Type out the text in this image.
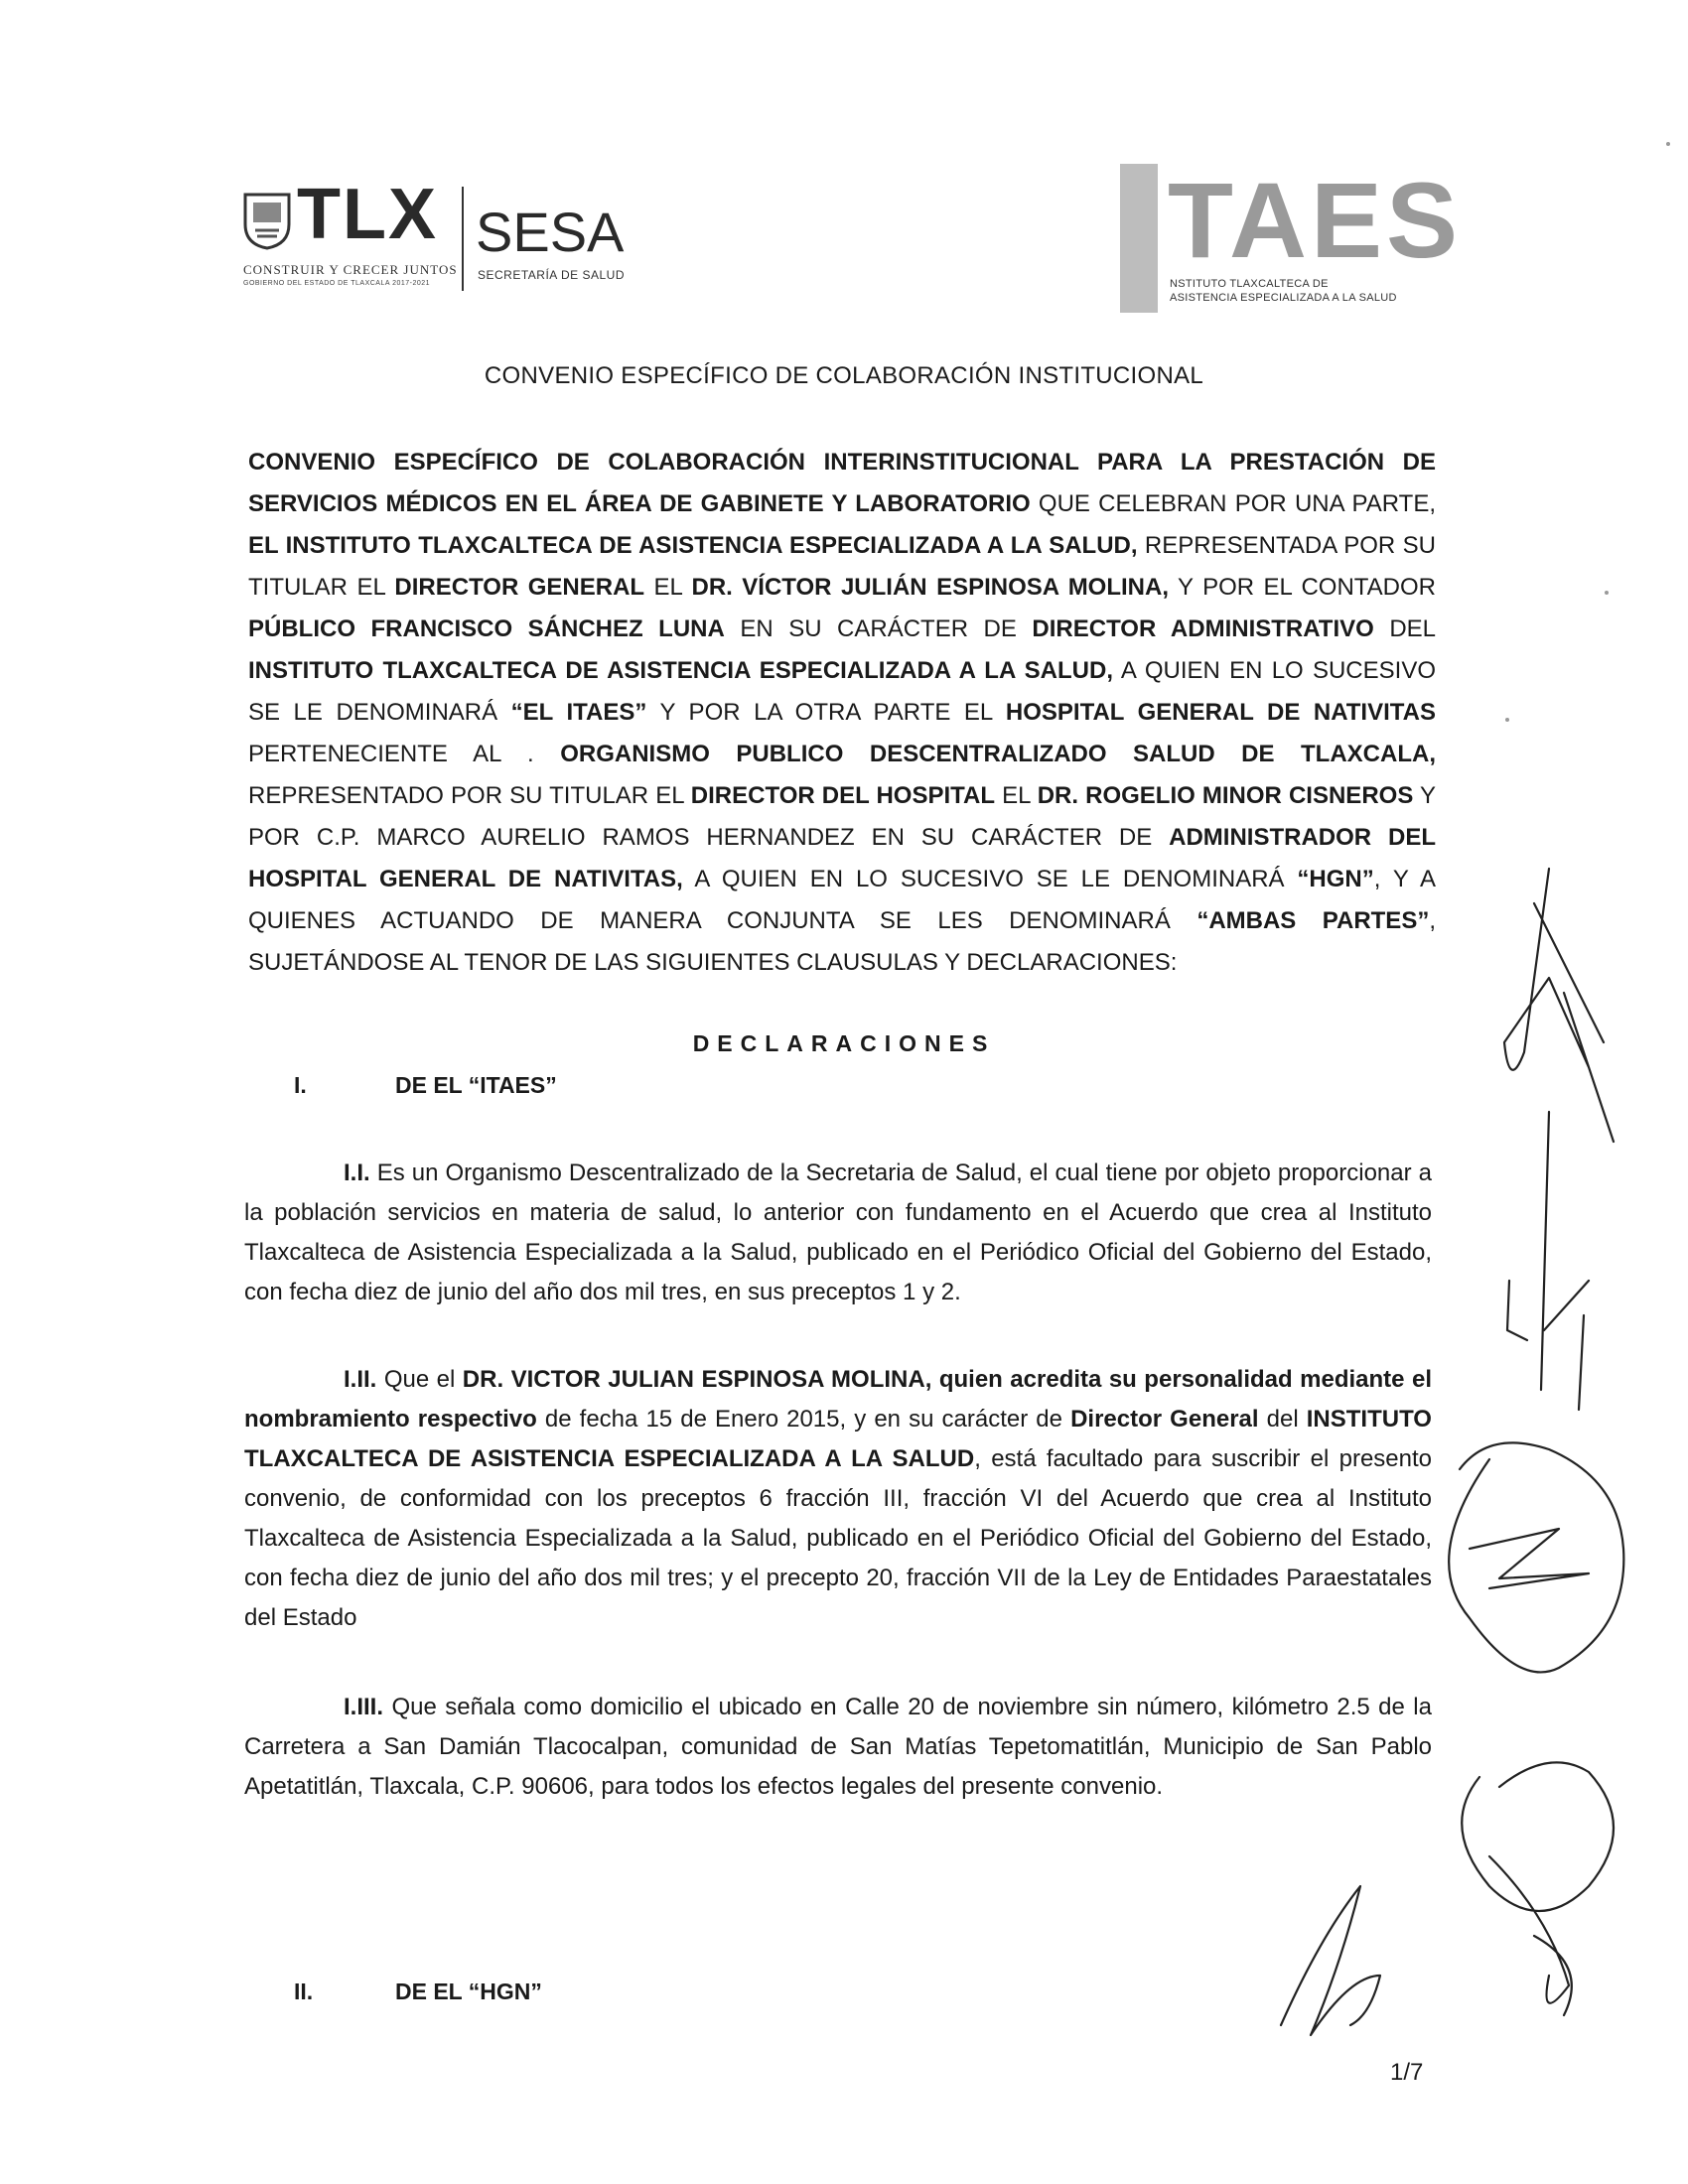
TLX
CONSTRUIR Y CRECER JUNTOS
GOBIERNO DEL ESTADO DE TLAXCALA 2017-2021
SESA
SECRETARÍA DE SALUD	TAES
NSTITUTO TLAXCALTECA DE
ASISTENCIA ESPECIALIZADA A LA SALUD
CONVENIO ESPECÍFICO DE COLABORACIÓN INSTITUCIONAL
CONVENIO ESPECÍFICO DE COLABORACIÓN INTERINSTITUCIONAL PARA LA PRESTACIÓN DE SERVICIOS MÉDICOS EN EL ÁREA DE GABINETE Y LABORATORIO QUE CELEBRAN POR UNA PARTE, EL INSTITUTO TLAXCALTECA DE ASISTENCIA ESPECIALIZADA A LA SALUD, REPRESENTADA POR SU TITULAR EL DIRECTOR GENERAL EL DR. VÍCTOR JULIÁN ESPINOSA MOLINA, Y POR EL CONTADOR PÚBLICO FRANCISCO SÁNCHEZ LUNA EN SU CARÁCTER DE DIRECTOR ADMINISTRATIVO DEL INSTITUTO TLAXCALTECA DE ASISTENCIA ESPECIALIZADA A LA SALUD, A QUIEN EN LO SUCESIVO SE LE DENOMINARÁ “EL ITAES” Y POR LA OTRA PARTE EL HOSPITAL GENERAL DE NATIVITAS PERTENECIENTE AL . ORGANISMO PUBLICO DESCENTRALIZADO SALUD DE TLAXCALA, REPRESENTADO POR SU TITULAR EL DIRECTOR DEL HOSPITAL EL DR. ROGELIO MINOR CISNEROS Y POR C.P. MARCO AURELIO RAMOS HERNANDEZ EN SU CARÁCTER DE ADMINISTRADOR DEL HOSPITAL GENERAL DE NATIVITAS, A QUIEN EN LO SUCESIVO SE LE DENOMINARÁ “HGN”, Y A QUIENES ACTUANDO DE MANERA CONJUNTA SE LES DENOMINARÁ “AMBAS PARTES”, SUJETÁNDOSE AL TENOR DE LAS SIGUIENTES CLAUSULAS Y DECLARACIONES:
DECLARACIONES
I.	DE EL “ITAES”
I.I. Es un Organismo Descentralizado de la Secretaria de Salud, el cual tiene por objeto proporcionar a la población servicios en materia de salud, lo anterior con fundamento en el Acuerdo que crea al Instituto Tlaxcalteca de Asistencia Especializada a la Salud, publicado en el Periódico Oficial del Gobierno del Estado, con fecha diez de junio del año dos mil tres, en sus preceptos 1 y 2.
I.II. Que el DR. VICTOR JULIAN ESPINOSA MOLINA, quien acredita su personalidad mediante el nombramiento respectivo de fecha 15 de Enero 2015, y en su carácter de Director General del INSTITUTO TLAXCALTECA DE ASISTENCIA ESPECIALIZADA A LA SALUD, está facultado para suscribir el presento convenio, de conformidad con los preceptos 6 fracción III, fracción VI del Acuerdo que crea al Instituto Tlaxcalteca de Asistencia Especializada a la Salud, publicado en el Periódico Oficial del Gobierno del Estado, con fecha diez de junio del año dos mil tres; y el precepto 20, fracción VII de la Ley de Entidades Paraestatales del Estado
I.III. Que señala como domicilio el ubicado en Calle 20 de noviembre sin número, kilómetro 2.5 de la Carretera a San Damián Tlacocalpan, comunidad de San Matías Tepetomatitlán, Municipio de San Pablo Apetatitlán, Tlaxcala, C.P. 90606, para todos los efectos legales del presente convenio.
II.	DE EL “HGN”
1/7
